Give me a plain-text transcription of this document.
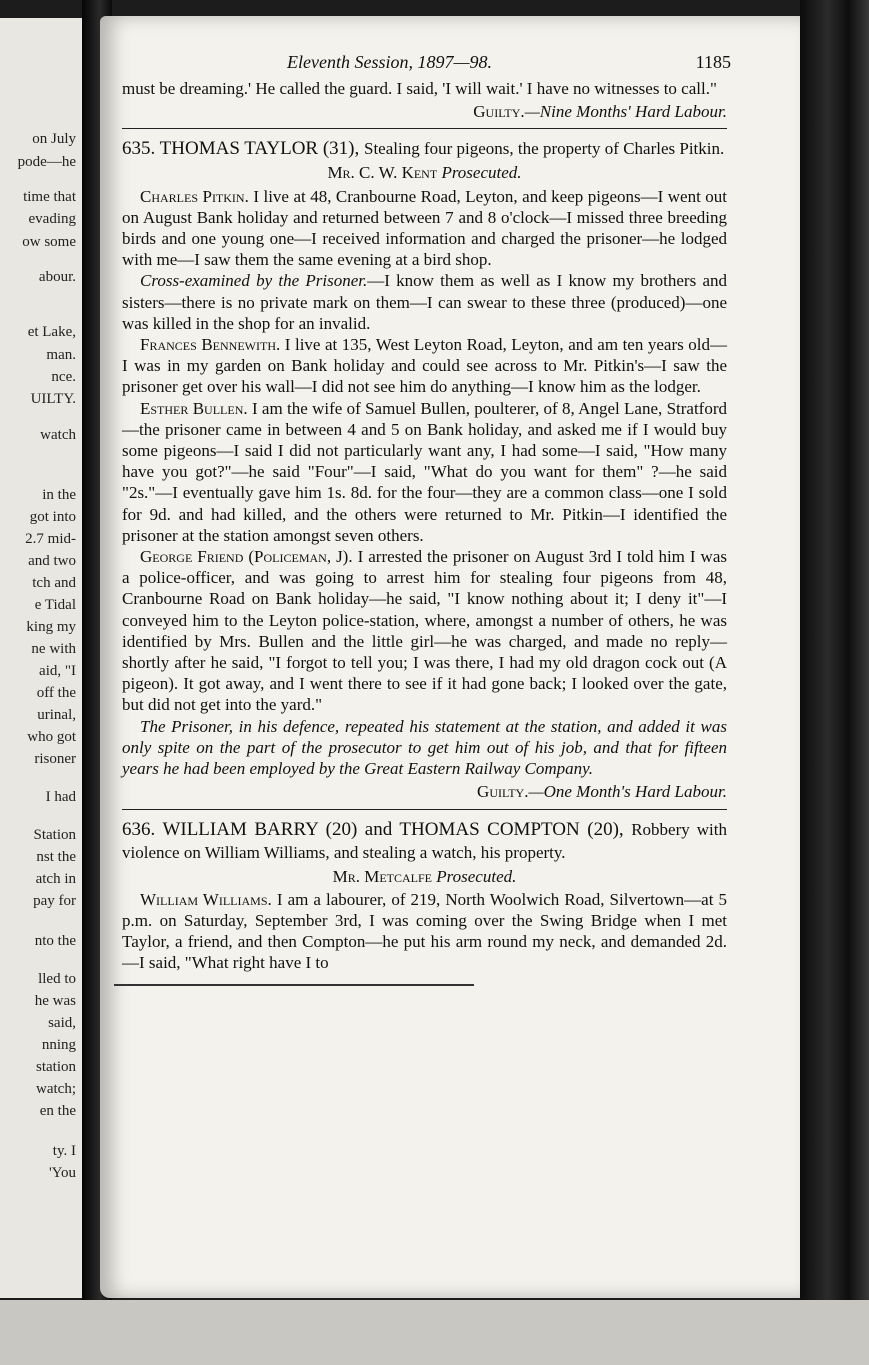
on July
pode—he
time that
evading
ow some
abour.
et Lake,
man.
nce.
UILTY.
watch
in the
got into
2.7 mid-
and two
tch and
e Tidal
king my
ne with
aid, "I
off the
urinal,
who got
risoner
I had
Station
nst the
atch in
pay for
nto the
lled to
he was
said,
nning
station
watch;
en the
ty. I
'You
Eleventh Session, 1897—98.	1185

must be dreaming.' He called the guard. I said, 'I will wait.' I have no witnesses to call."

Guilty.—Nine Months' Hard Labour.

635. THOMAS TAYLOR (31), Stealing four pigeons, the property of Charles Pitkin.

Mr. C. W. Kent Prosecuted.

Charles Pitkin. I live at 48, Cranbourne Road, Leyton, and keep pigeons—I went out on August Bank holiday and returned between 7 and 8 o'clock—I missed three breeding birds and one young one—I received information and charged the prisoner—he lodged with me—I saw them the same evening at a bird shop.

Cross-examined by the Prisoner.—I know them as well as I know my brothers and sisters—there is no private mark on them—I can swear to these three (produced)—one was killed in the shop for an invalid.

Frances Bennewith. I live at 135, West Leyton Road, Leyton, and am ten years old—I was in my garden on Bank holiday and could see across to Mr. Pitkin's—I saw the prisoner get over his wall—I did not see him do anything—I know him as the lodger.

Esther Bullen. I am the wife of Samuel Bullen, poulterer, of 8, Angel Lane, Stratford—the prisoner came in between 4 and 5 on Bank holiday, and asked me if I would buy some pigeons—I said I did not particularly want any, I had some—I said, "How many have you got?"—he said "Four"—I said, "What do you want for them" ?—he said "2s."—I eventually gave him 1s. 8d. for the four—they are a common class—one I sold for 9d. and had killed, and the others were returned to Mr. Pitkin—I identified the prisoner at the station amongst seven others.

George Friend (Policeman, J). I arrested the prisoner on August 3rd I told him I was a police-officer, and was going to arrest him for stealing four pigeons from 48, Cranbourne Road on Bank holiday—he said, "I know nothing about it; I deny it"—I conveyed him to the Leyton police-station, where, amongst a number of others, he was identified by Mrs. Bullen and the little girl—he was charged, and made no reply—shortly after he said, "I forgot to tell you; I was there, I had my old dragon cock out (A pigeon). It got away, and I went there to see if it had gone back; I looked over the gate, but did not get into the yard."

The Prisoner, in his defence, repeated his statement at the station, and added it was only spite on the part of the prosecutor to get him out of his job, and that for fifteen years he had been employed by the Great Eastern Railway Company.

Guilty.—One Month's Hard Labour.

636. WILLIAM BARRY (20) and THOMAS COMPTON (20), Robbery with violence on William Williams, and stealing a watch, his property.

Mr. Metcalfe Prosecuted.

William Williams. I am a labourer, of 219, North Woolwich Road, Silvertown—at 5 p.m. on Saturday, September 3rd, I was coming over the Swing Bridge when I met Taylor, a friend, and then Compton—he put his arm round my neck, and demanded 2d.—I said, "What right have I to
